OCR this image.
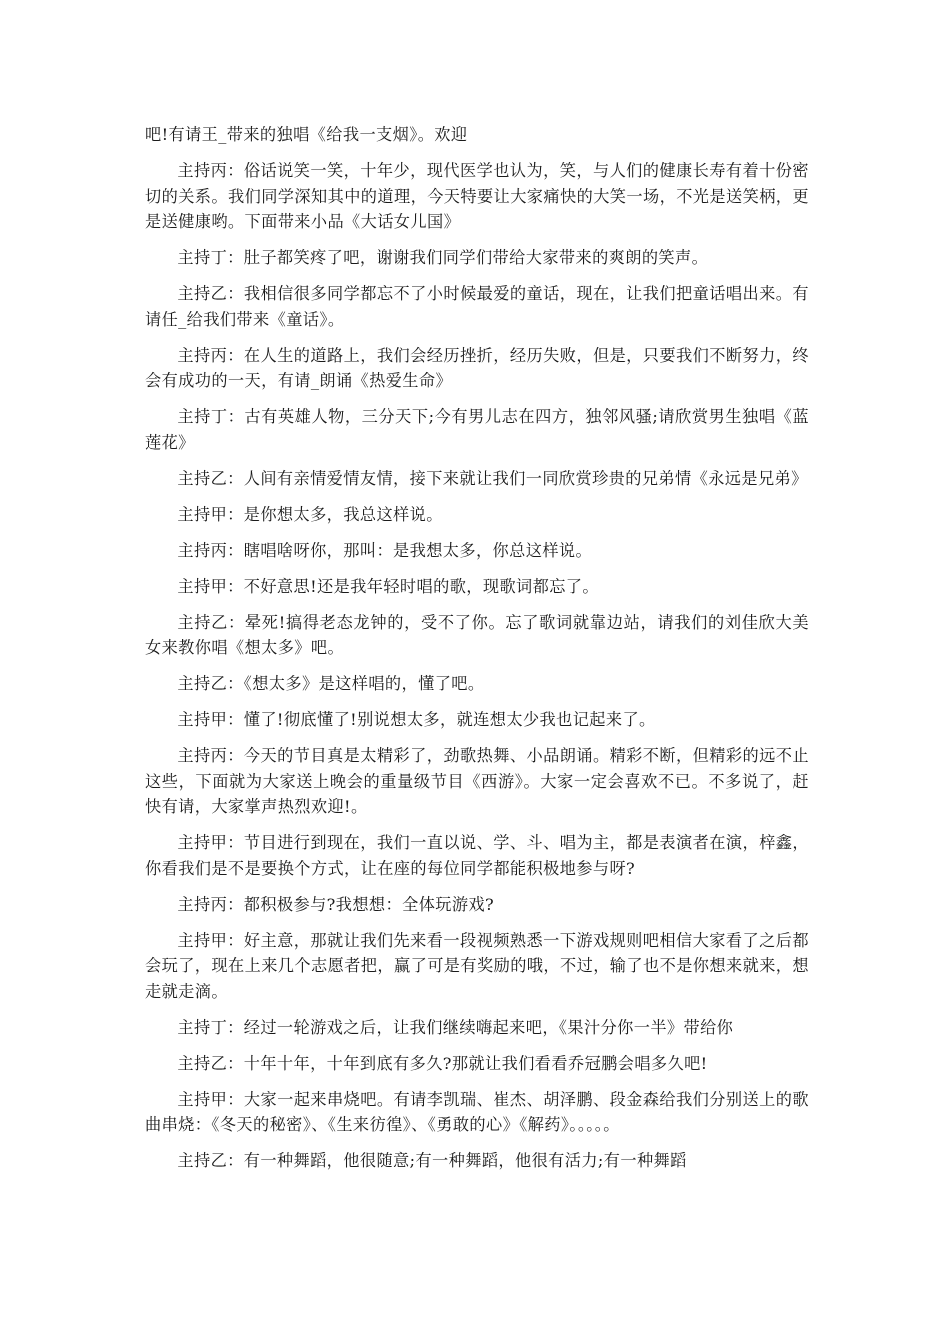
吧!有请王_带来的独唱《给我一支烟》。欢迎

主持丙：俗话说笑一笑，十年少，现代医学也认为，笑，与人们的健康长寿有着十份密切的关系。我们同学深知其中的道理，今天特要让大家痛快的大笑一场，不光是送笑柄，更是送健康哟。下面带来小品《大话女儿国》

主持丁：肚子都笑疼了吧，谢谢我们同学们带给大家带来的爽朗的笑声。

主持乙：我相信很多同学都忘不了小时候最爱的童话，现在，让我们把童话唱出来。有请任_给我们带来《童话》。

主持丙：在人生的道路上，我们会经历挫折，经历失败，但是，只要我们不断努力，终会有成功的一天，有请_朗诵《热爱生命》

主持丁：古有英雄人物，三分天下;今有男儿志在四方，独邻风骚;请欣赏男生独唱《蓝莲花》

主持乙：人间有亲情爱情友情，接下来就让我们一同欣赏珍贵的兄弟情《永远是兄弟》

主持甲：是你想太多，我总这样说。

主持丙：瞎唱啥呀你，那叫：是我想太多，你总这样说。

主持甲：不好意思!还是我年轻时唱的歌，现歌词都忘了。

主持乙：晕死!搞得老态龙钟的，受不了你。忘了歌词就靠边站，请我们的刘佳欣大美女来教你唱《想太多》吧。

主持乙：《想太多》是这样唱的，懂了吧。

主持甲：懂了!彻底懂了!别说想太多，就连想太少我也记起来了。

主持丙：今天的节目真是太精彩了，劲歌热舞、小品朗诵。精彩不断，但精彩的远不止这些，下面就为大家送上晚会的重量级节目《西游》。大家一定会喜欢不已。不多说了，赶快有请，大家掌声热烈欢迎!。

主持甲：节目进行到现在，我们一直以说、学、斗、唱为主，都是表演者在演，梓鑫，你看我们是不是要换个方式，让在座的每位同学都能积极地参与呀?

主持丙：都积极参与?我想想：全体玩游戏?

主持甲：好主意，那就让我们先来看一段视频熟悉一下游戏规则吧相信大家看了之后都会玩了，现在上来几个志愿者把，赢了可是有奖励的哦，不过，输了也不是你想来就来，想走就走滴。

主持丁：经过一轮游戏之后，让我们继续嗨起来吧，《果汁分你一半》带给你

主持乙：十年十年，十年到底有多久?那就让我们看看乔冠鹏会唱多久吧!

主持甲：大家一起来串烧吧。有请李凯瑞、崔杰、胡泽鹏、段金森给我们分别送上的歌曲串烧：《冬天的秘密》、《生来彷徨》、《勇敢的心》《解药》。。。。。

主持乙：有一种舞蹈，他很随意;有一种舞蹈，他很有活力;有一种舞蹈
